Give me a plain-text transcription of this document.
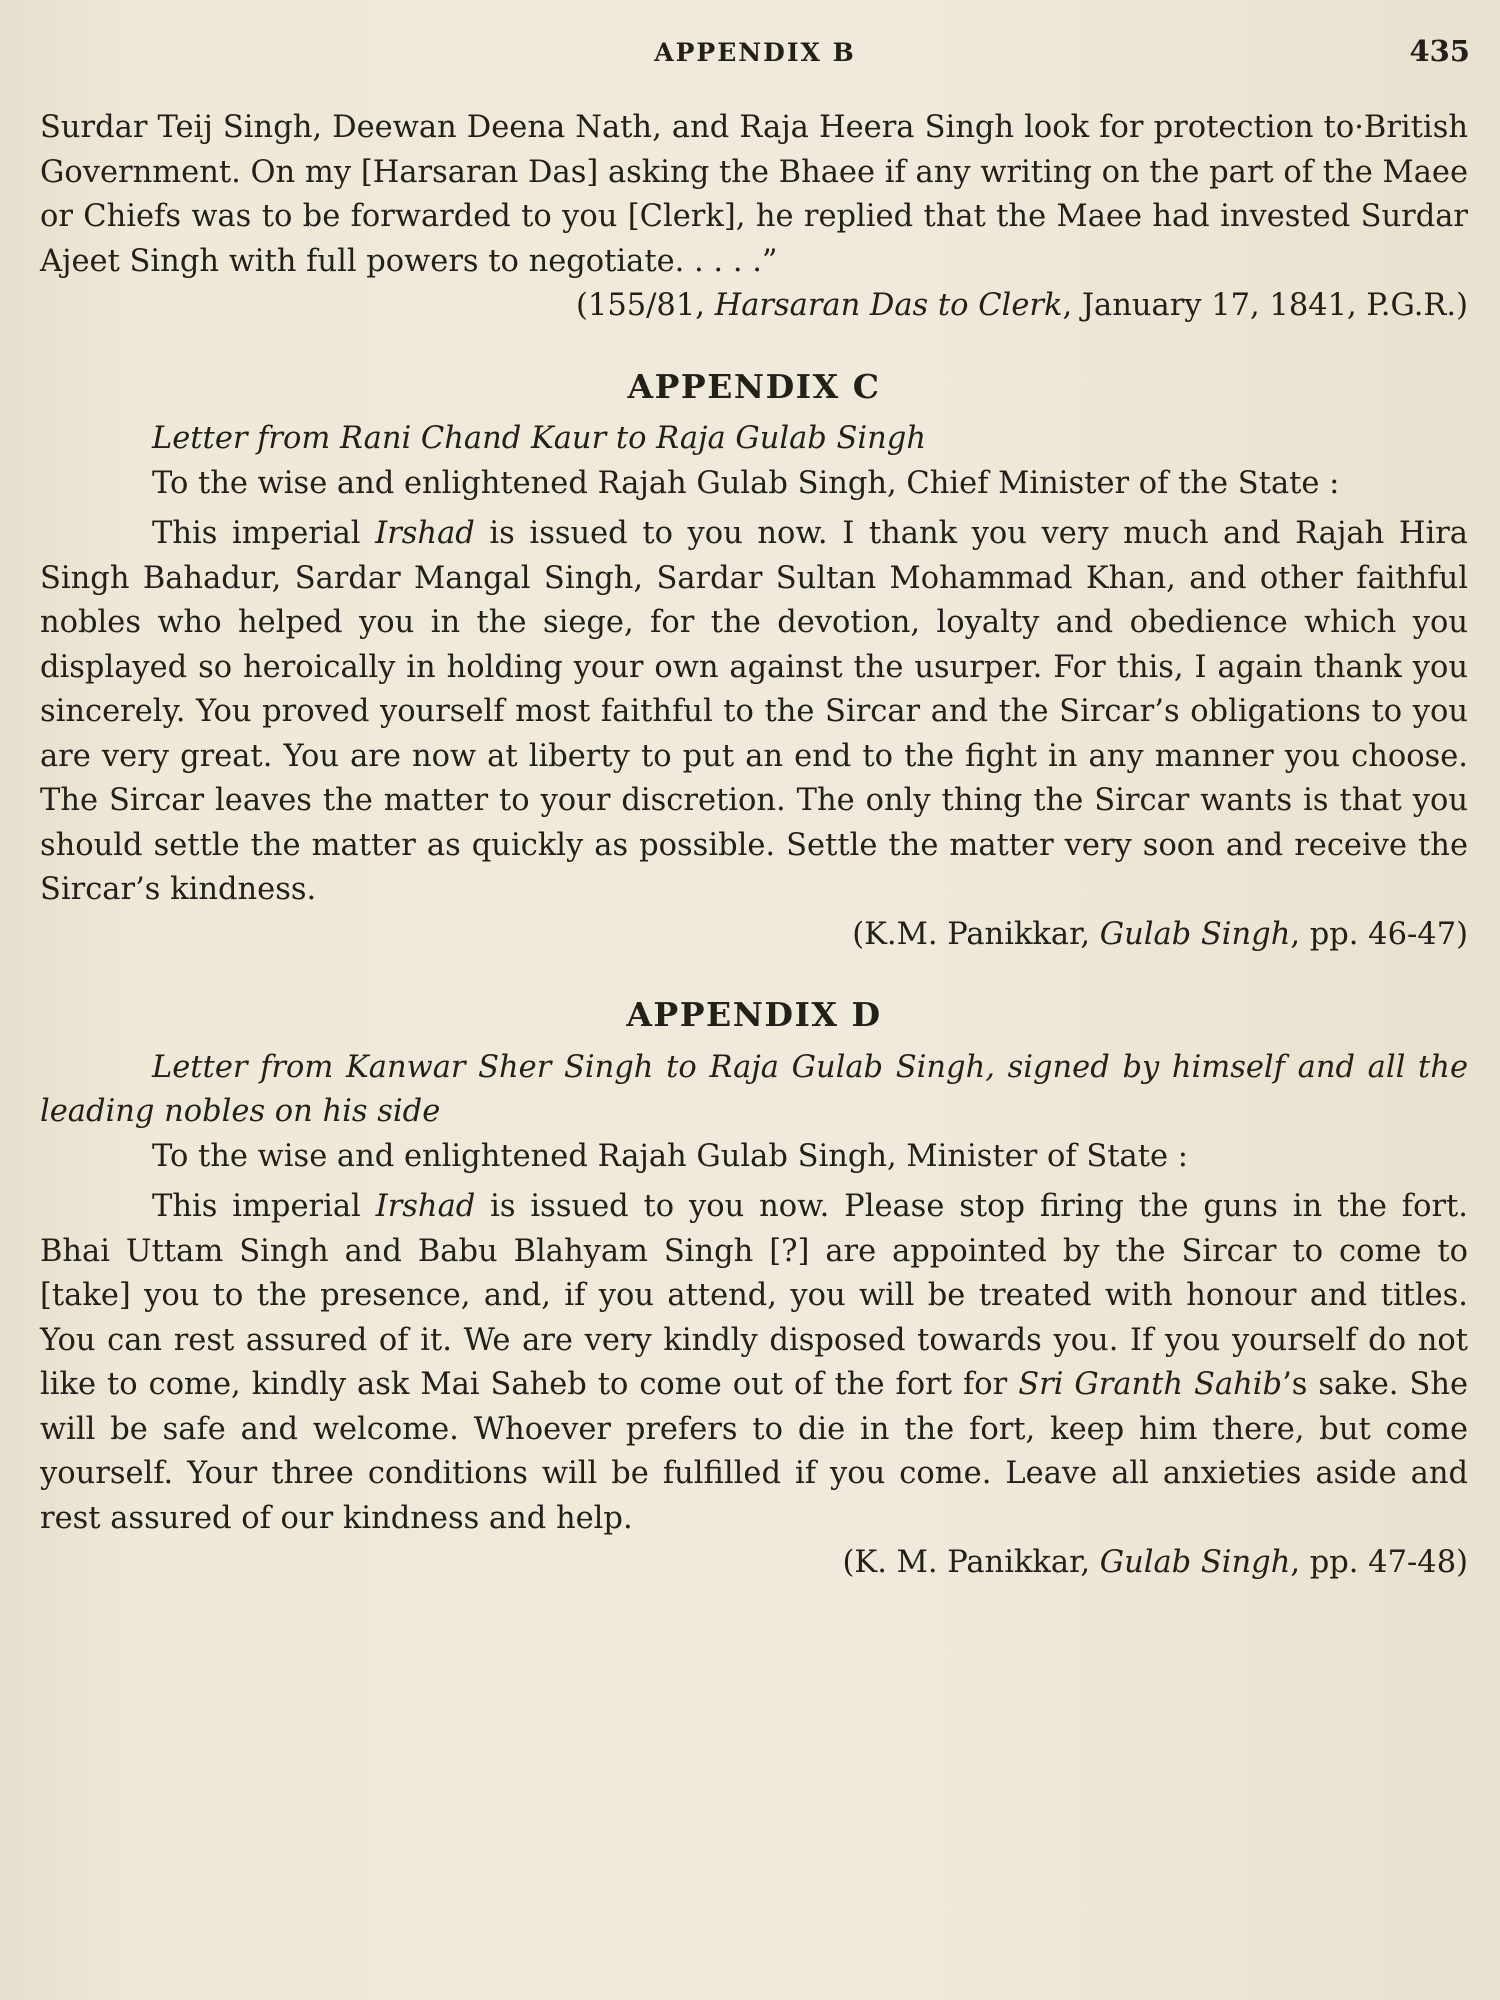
APPENDIX B	435

Surdar Teij Singh, Deewan Deena Nath, and Raja Heera Singh look for protection to·British Government. On my [Harsaran Das] asking the Bhaee if any writing on the part of the Maee or Chiefs was to be forwarded to you [Clerk], he replied that the Maee had invested Surdar Ajeet Singh with full powers to negotiate. . . . .”

(155/81, Harsaran Das to Clerk, January 17, 1841, P.G.R.)

APPENDIX C

Letter from Rani Chand Kaur to Raja Gulab Singh

To the wise and enlightened Rajah Gulab Singh, Chief Minister of the State :

This imperial Irshad is issued to you now. I thank you very much and Rajah Hira Singh Bahadur, Sardar Mangal Singh, Sardar Sultan Mohammad Khan, and other faithful nobles who helped you in the siege, for the devotion, loyalty and obedience which you displayed so heroically in holding your own against the usurper. For this, I again thank you sincerely. You proved yourself most faithful to the Sircar and the Sircar’s obligations to you are very great. You are now at liberty to put an end to the fight in any manner you choose. The Sircar leaves the matter to your discretion. The only thing the Sircar wants is that you should settle the matter as quickly as possible. Settle the matter very soon and receive the Sircar’s kindness.

(K.M. Panikkar, Gulab Singh, pp. 46-47)

APPENDIX D

Letter from Kanwar Sher Singh to Raja Gulab Singh, signed by himself and all the leading nobles on his side

To the wise and enlightened Rajah Gulab Singh, Minister of State :

This imperial Irshad is issued to you now. Please stop firing the guns in the fort. Bhai Uttam Singh and Babu Blahyam Singh [?] are appointed by the Sircar to come to [take] you to the presence, and, if you attend, you will be treated with honour and titles. You can rest assured of it. We are very kindly disposed towards you. If you yourself do not like to come, kindly ask Mai Saheb to come out of the fort for Sri Granth Sahib’s sake. She will be safe and welcome. Whoever prefers to die in the fort, keep him there, but come yourself. Your three conditions will be fulfilled if you come. Leave all anxieties aside and rest assured of our kindness and help.

(K. M. Panikkar, Gulab Singh, pp. 47-48)
